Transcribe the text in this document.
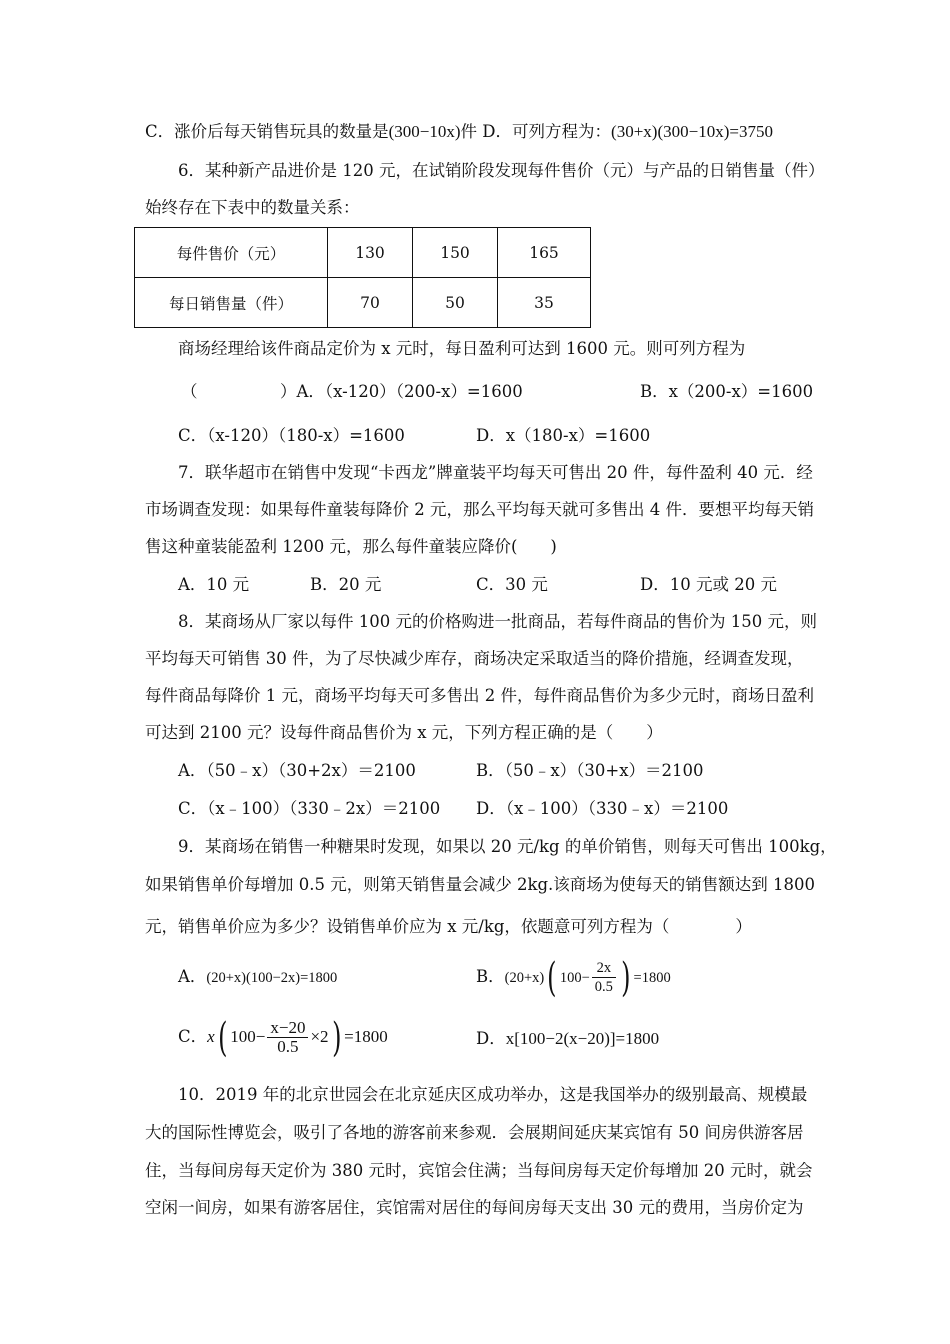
C．涨价后每天销售玩具的数量是(300−10x)件 D．可列方程为：(30+x)(300−10x)=3750
6．某种新产品进价是 120 元，在试销阶段发现每件售价（元）与产品的日销售量（件）
始终存在下表中的数量关系：
每件售价（元）	130	150	165
每日销售量（件）	70	50	35
商场经理给该件商品定价为 x 元时，每日盈利可达到 1600 元。则可列方程为
（　　　　　）A．（x-120）（200-x）=1600	B．x（200-x）=1600
C．（x-120）（180-x）=1600	D．x（180-x）=1600
7．联华超市在销售中发现“卡西龙”牌童装平均每天可售出 20 件，每件盈利 40 元．经
市场调查发现：如果每件童装每降价 2 元，那么平均每天就可多售出 4 件．要想平均每天销
售这种童装能盈利 1200 元，那么每件童装应降价(　　)
A．10 元	B．20 元	C．30 元	D．10 元或 20 元
8．某商场从厂家以每件 100 元的价格购进一批商品，若每件商品的售价为 150 元，则
平均每天可销售 30 件，为了尽快减少库存，商场决定采取适当的降价措施，经调查发现，
每件商品每降价 1 元，商场平均每天可多售出 2 件，每件商品售价为多少元时，商场日盈利
可达到 2100 元？设每件商品售价为 x 元，下列方程正确的是（　　）
A．（50﹣x）（30+2x）＝2100	B．（50﹣x）（30+x）＝2100
C．（x﹣100）（330﹣2x）＝2100 D．（x﹣100）（330﹣x）＝2100
9．某商场在销售一种糖果时发现，如果以 20 元/kg 的单价销售，则每天可售出 100kg，
如果销售单价每增加 0.5 元，则第天销售量会减少 2kg.该商场为使每天的销售额达到 1800
元，销售单价应为多少？设销售单价应为 x 元/kg，依题意可列方程为（　　　　）
A．(20+x)(100−2x)=1800	B．(20+x)( $100- \frac{2x}{0.5}$ ) =1800
C．x( $100- \frac{x-20}{0.5} \times 2) =1800$	D．x[100−2(x−20)]=1800
10．2019 年的北京世园会在北京延庆区成功举办，这是我国举办的级别最高、规模最
大的国际性博览会，吸引了各地的游客前来参观．会展期间延庆某宾馆有 50 间房供游客居
住，当每间房每天定价为 380 元时，宾馆会住满；当每间房每天定价每增加 20 元时，就会
空闲一间房，如果有游客居住，宾馆需对居住的每间房每天支出 30 元的费用，当房价定为
